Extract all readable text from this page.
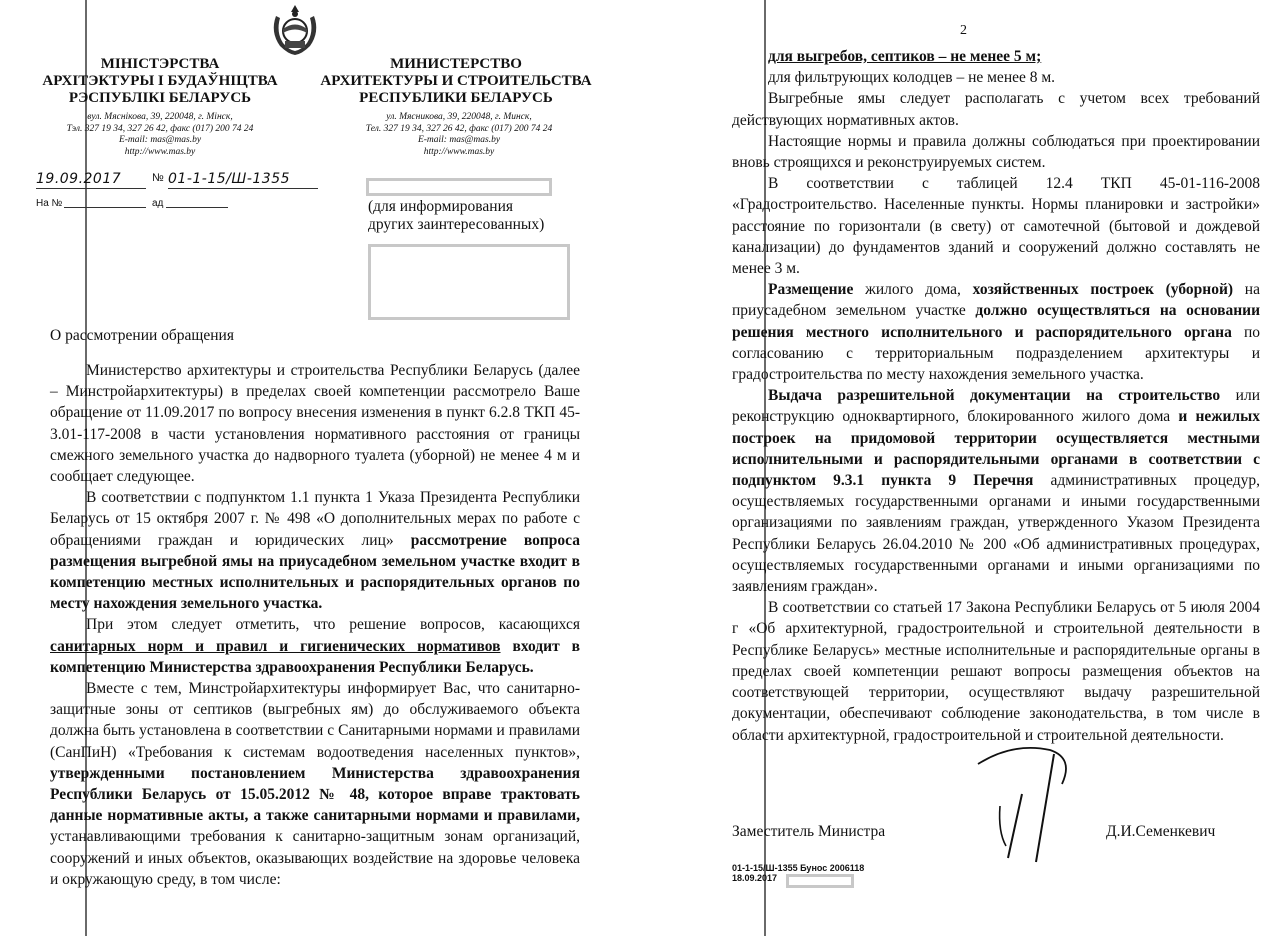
МІНІСТЭРСТВА
АРХІТЭКТУРЫ І БУДАЎНІЦТВА
РЭСПУБЛІКІ БЕЛАРУСЬ
вул. Мяснікова, 39, 220048, г. Мінск,
Тэл. 327 19 34, 327 26 42, факс (017) 200 74 24
E-mail: mas@mas.by
http://www.mas.by
МИНИСТЕРСТВО
АРХИТЕКТУРЫ И СТРОИТЕЛЬСТВА
РЕСПУБЛИКИ БЕЛАРУСЬ
ул. Мясникова, 39, 220048, г. Минск,
Тел. 327 19 34, 327 26 42, факс (017) 200 74 24
E-mail: mas@mas.by
http://www.mas.by
19.09.2017	№ 01-1-15/Ш-1355
На №	ад	(для информирования
других заинтересованных)
О рассмотрении обращения

Министерство архитектуры и строительства Республики Беларусь (далее – Минстройархитектуры) в пределах своей компетенции рассмотрело Ваше обращение от 11.09.2017 по вопросу внесения изменения в пункт 6.2.8 ТКП 45-3.01-117-2008 в части установления нормативного расстояния от границы смежного земельного участка до надворного туалета (уборной) не менее 4 м и сообщает следующее.

В соответствии с подпунктом 1.1 пункта 1 Указа Президента Республики Беларусь от 15 октября 2007 г. № 498 «О дополнительных мерах по работе с обращениями граждан и юридических лиц» рассмотрение вопроса размещения выгребной ямы на приусадебном земельном участке входит в компетенцию местных исполнительных и распорядительных органов по месту нахождения земельного участка.

При этом следует отметить, что решение вопросов, касающихся санитарных норм и правил и гигиенических нормативов входит в компетенцию Министерства здравоохранения Республики Беларусь.

Вместе с тем, Минстройархитектуры информирует Вас, что санитарно-защитные зоны от септиков (выгребных ям) до обслуживаемого объекта должна быть установлена в соответствии с Санитарными нормами и правилами (СанПиН) «Требования к системам водоотведения населенных пунктов», утвержденными постановлением Министерства здравоохранения Республики Беларусь от 15.05.2012 № 48, которое вправе трактовать данные нормативные акты, а также санитарными нормами и правилами, устанавливающими требования к санитарно-защитным зонам организаций, сооружений и иных объектов, оказывающих воздействие на здоровье человека и окружающую среду, в том числе:

2

для выгребов, септиков – не менее 5 м;

для фильтрующих колодцев – не менее 8 м.

Выгребные ямы следует располагать с учетом всех требований действующих нормативных актов.

Настоящие нормы и правила должны соблюдаться при проектировании вновь строящихся и реконструируемых систем.

В соответствии с таблицей 12.4 ТКП 45-01-116-2008 «Градостроительство. Населенные пункты. Нормы планировки и застройки» расстояние по горизонтали (в свету) от самотечной (бытовой и дождевой канализации) до фундаментов зданий и сооружений должно составлять не менее 3 м.

Размещение жилого дома, хозяйственных построек (уборной) на приусадебном земельном участке должно осуществляться на основании решения местного исполнительного и распорядительного органа по согласованию с территориальным подразделением архитектуры и градостроительства по месту нахождения земельного участка.

Выдача разрешительной документации на строительство или реконструкцию одноквартирного, блокированного жилого дома и нежилых построек на придомовой территории осуществляется местными исполнительными и распорядительными органами в соответствии с подпунктом 9.3.1 пункта 9 Перечня административных процедур, осуществляемых государственными органами и иными государственными организациями по заявлениям граждан, утвержденного Указом Президента Республики Беларусь 26.04.2010 № 200 «Об административных процедурах, осуществляемых государственными органами и иными организациями по заявлениям граждан».

В соответствии со статьей 17 Закона Республики Беларусь от 5 июля 2004 г «Об архитектурной, градостроительной и строительной деятельности в Республике Беларусь» местные исполнительные и распорядительные органы в пределах своей компетенции решают вопросы размещения объектов на соответствующей территории, осуществляют выдачу разрешительной документации, обеспечивают соблюдение законодательства, в том числе в области архитектурной, градостроительной и строительной деятельности.

Заместитель Министра	Д.И.Семенкевич
01-1-15/Ш-1355 Бунос 2006118
18.09.2017
